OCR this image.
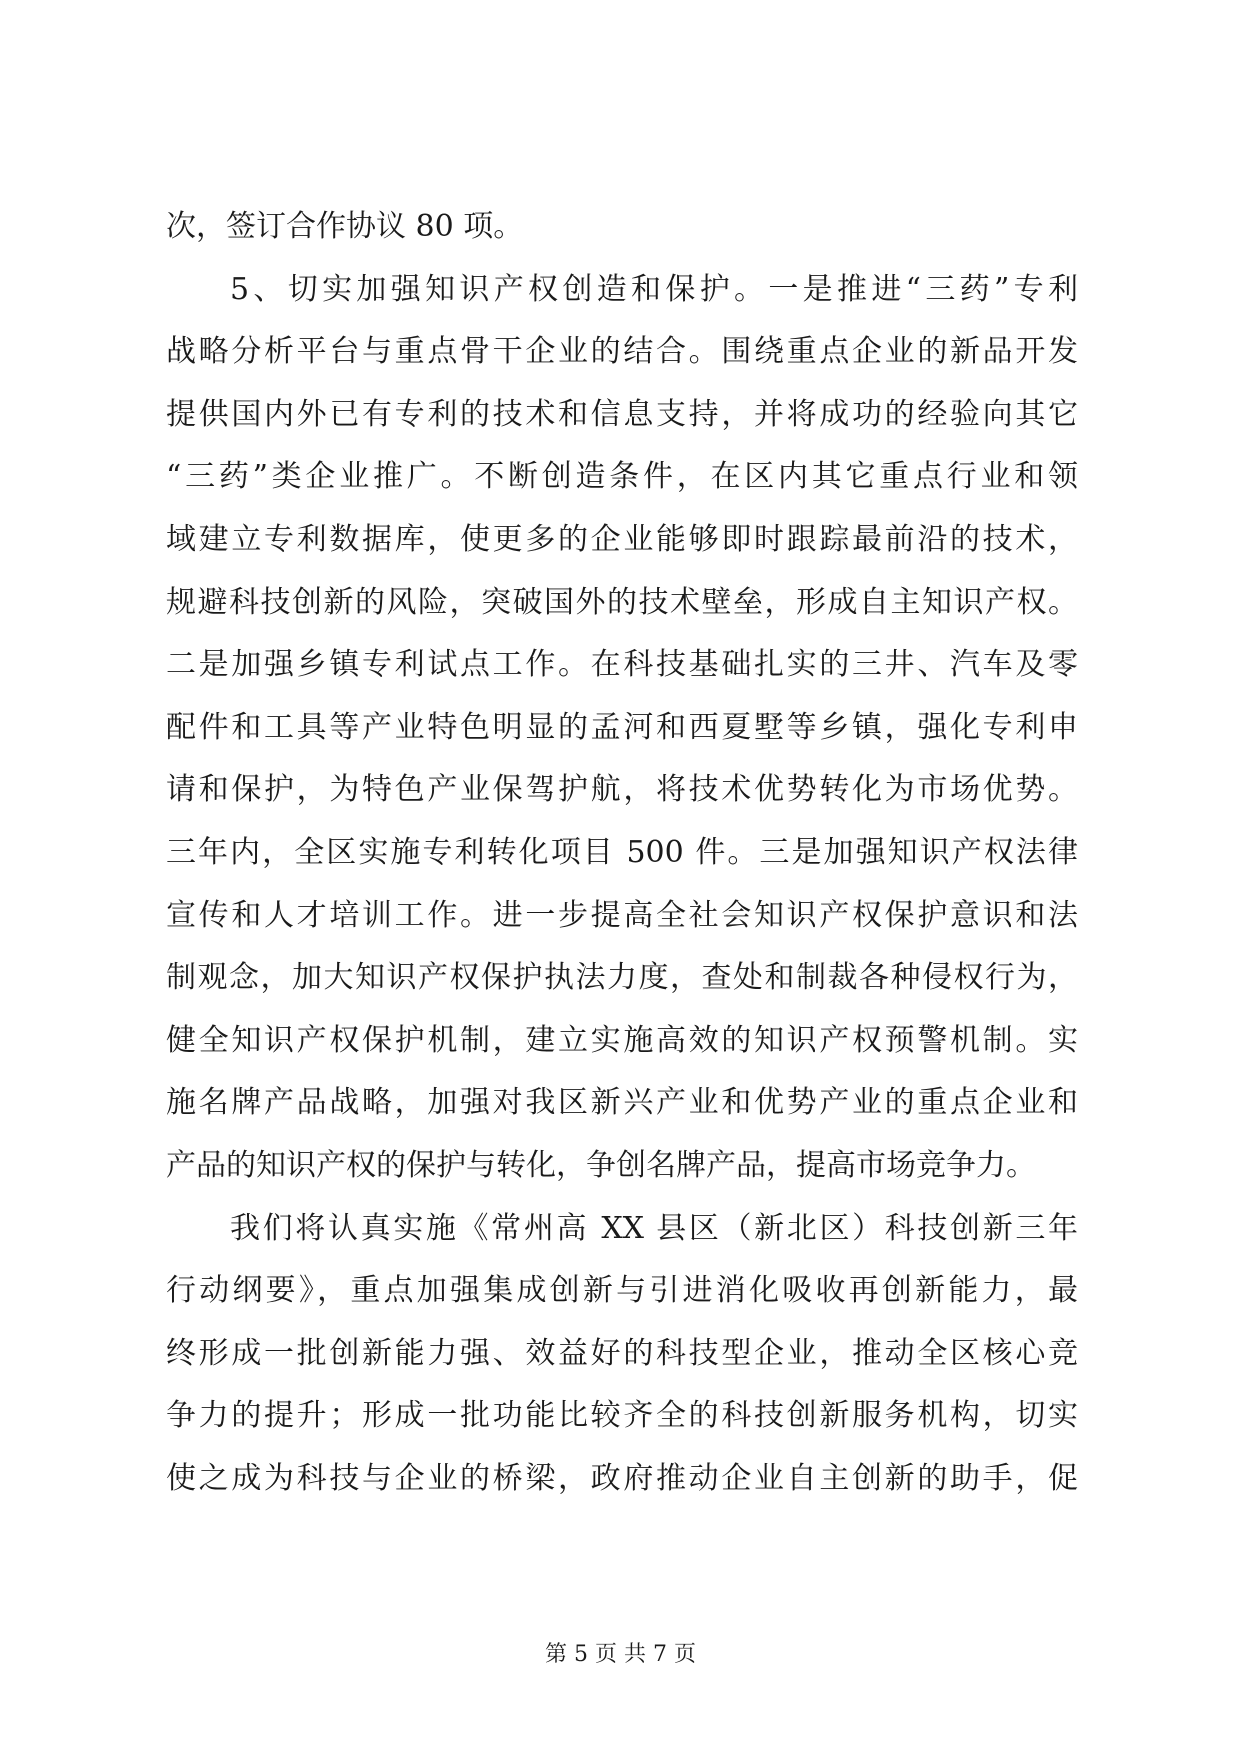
次，签订合作协议 80 项。
5、切实加强知识产权创造和保护。一是推进“三药”专利
战略分析平台与重点骨干企业的结合。围绕重点企业的新品开发
提供国内外已有专利的技术和信息支持，并将成功的经验向其它
“三药”类企业推广。不断创造条件，在区内其它重点行业和领
域建立专利数据库，使更多的企业能够即时跟踪最前沿的技术，
规避科技创新的风险，突破国外的技术壁垒，形成自主知识产权。
二是加强乡镇专利试点工作。在科技基础扎实的三井、汽车及零
配件和工具等产业特色明显的孟河和西夏墅等乡镇，强化专利申
请和保护，为特色产业保驾护航，将技术优势转化为市场优势。
三年内，全区实施专利转化项目 500 件。三是加强知识产权法律
宣传和人才培训工作。进一步提高全社会知识产权保护意识和法
制观念，加大知识产权保护执法力度，查处和制裁各种侵权行为，
健全知识产权保护机制，建立实施高效的知识产权预警机制。实
施名牌产品战略，加强对我区新兴产业和优势产业的重点企业和
产品的知识产权的保护与转化，争创名牌产品，提高市场竞争力。
我们将认真实施《常州高 XX 县区（新北区）科技创新三年
行动纲要》，重点加强集成创新与引进消化吸收再创新能力，最
终形成一批创新能力强、效益好的科技型企业，推动全区核心竞
争力的提升；形成一批功能比较齐全的科技创新服务机构，切实
使之成为科技与企业的桥梁，政府推动企业自主创新的助手，促
第 5 页 共 7 页
